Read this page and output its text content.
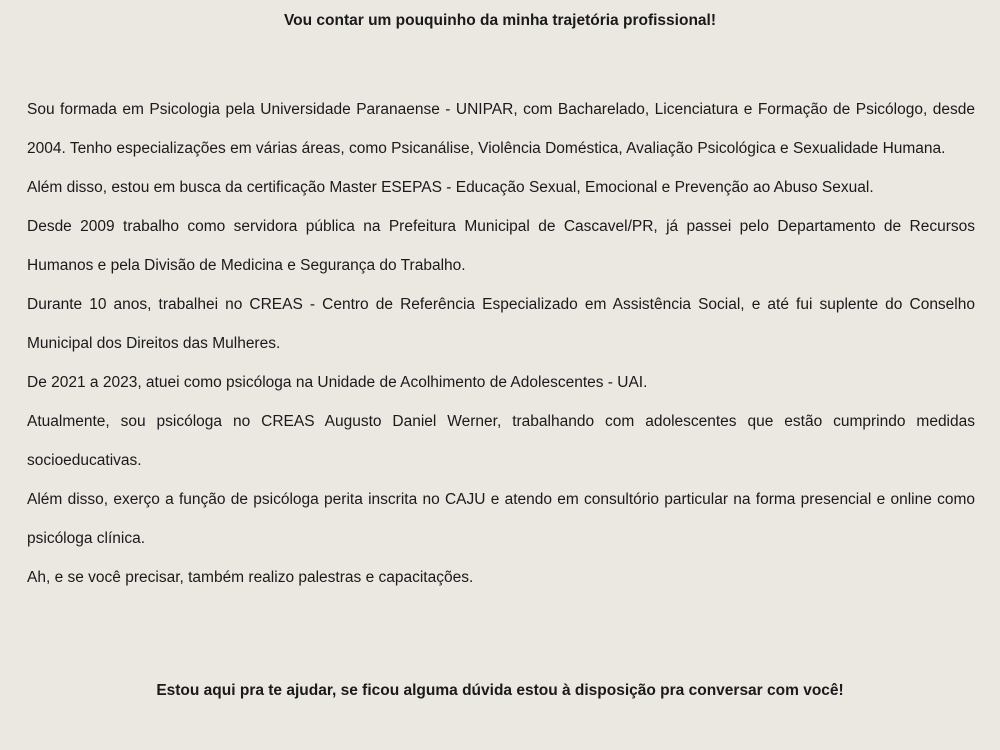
Vou contar um pouquinho da minha trajetória profissional!

Sou formada em Psicologia pela Universidade Paranaense - UNIPAR, com Bacharelado, Licenciatura e Formação de Psicólogo, desde 2004. Tenho especializações em várias áreas, como Psicanálise, Violência Doméstica, Avaliação Psicológica e Sexualidade Humana.

Além disso, estou em busca da certificação Master ESEPAS - Educação Sexual, Emocional e Prevenção ao Abuso Sexual.

Desde 2009 trabalho como servidora pública na Prefeitura Municipal de Cascavel/PR, já passei pelo Departamento de Recursos Humanos e pela Divisão de Medicina e Segurança do Trabalho.

Durante 10 anos, trabalhei no CREAS - Centro de Referência Especializado em Assistência Social, e até fui suplente do Conselho Municipal dos Direitos das Mulheres.

De 2021 a 2023, atuei como psicóloga na Unidade de Acolhimento de Adolescentes - UAI.

Atualmente, sou psicóloga no CREAS Augusto Daniel Werner, trabalhando com adolescentes que estão cumprindo medidas socioeducativas.

Além disso, exerço a função de psicóloga perita inscrita no CAJU e atendo em consultório particular na forma presencial e online como psicóloga clínica.

Ah, e se você precisar, também realizo palestras e capacitações.

Estou aqui pra te ajudar, se ficou alguma dúvida estou à disposição pra conversar com você!
